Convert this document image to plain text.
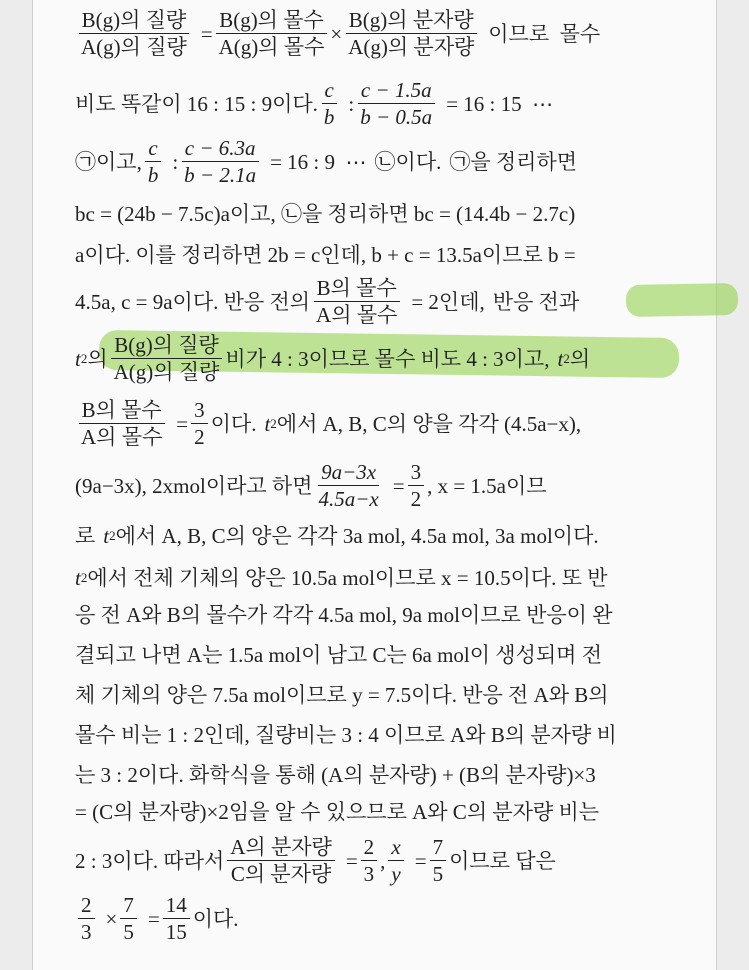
$\frac{\text{B(g)의 질량}}{\text{A(g)의 질량}} = \frac{\text{B(g)의 몰수}}{\text{A(g)의 몰수}} \times \frac{\text{B(g)의 분자량}}{\text{A(g)의 분자량}}$ 이므로  몰수
비도 똑같이 16 : 15 : 9이다. $\frac{c}{b}$ : $\frac{c - 1.5a}{b - 0.5a} = 16$ : 15  ⋯
㉠ 이고, $\frac{c}{b}$ : $\frac{c - 6.3a}{b - 2.1a} = 16$ : 9  ⋯ ㉡ 이다. ㉠ 을 정리하면
bc = (24b − 7.5c)a이고, ㉡을 정리하면 bc = (14.4b − 2.7c)
a이다. 이를 정리하면 2b = c인데, b + c = 13.5a이므로 b =
4.5a, c = 9a이다. 반응 전의 $\frac{\text{B의 몰수}}{\text{A의 몰수}} = 2$인데, 반응 전과
t 2 의 $\frac{\text{B(g)의 질량}}{\text{A(g)의 질량}}$ 비가 4 : 3이므로 몰수 비도 4 : 3이고, t 2 의
$\frac{\text{B의 몰수}}{\text{A의 몰수}} = \frac{3}{2}$ 이다. t 2 에서 A, B, C의 양을 각각 (4.5a−x),
(9a−3x), 2xmol이라고 하면 $\frac{9a-3x}{4.5a-x} = \frac{3}{2}$ , x = 1.5a이므
로 t 2 에서 A, B, C의 양은 각각 3a mol, 4.5a mol, 3a mol이다.
t 2 에서 전체 기체의 양은 10.5a mol이므로 x = 10.5이다. 또 반
응 전 A와 B의 몰수가 각각 4.5a mol, 9a mol이므로 반응이 완
결되고 나면 A는 1.5a mol이 남고 C는 6a mol이 생성되며 전
체 기체의 양은 7.5a mol이므로 y = 7.5이다. 반응 전 A와 B의
몰수 비는 1 : 2인데, 질량비는 3 : 4 이므로 A와 B의 분자량 비
는 3 : 2이다. 화학식을 통해 (A의 분자량) + (B의 분자량)×3
= (C의 분자량)×2임을 알 수 있으므로 A와 C의 분자량 비는
2 : 3이다. 따라서 $\frac{\text{A의 분자량}}{\text{C의 분자량}} = \frac{2}{3}$ , $\frac{x}{y} = \frac{7}{5}$ 이므로 답은
$\frac{2}{3} \times \frac{7}{5} = \frac{14}{15}$ 이다.
